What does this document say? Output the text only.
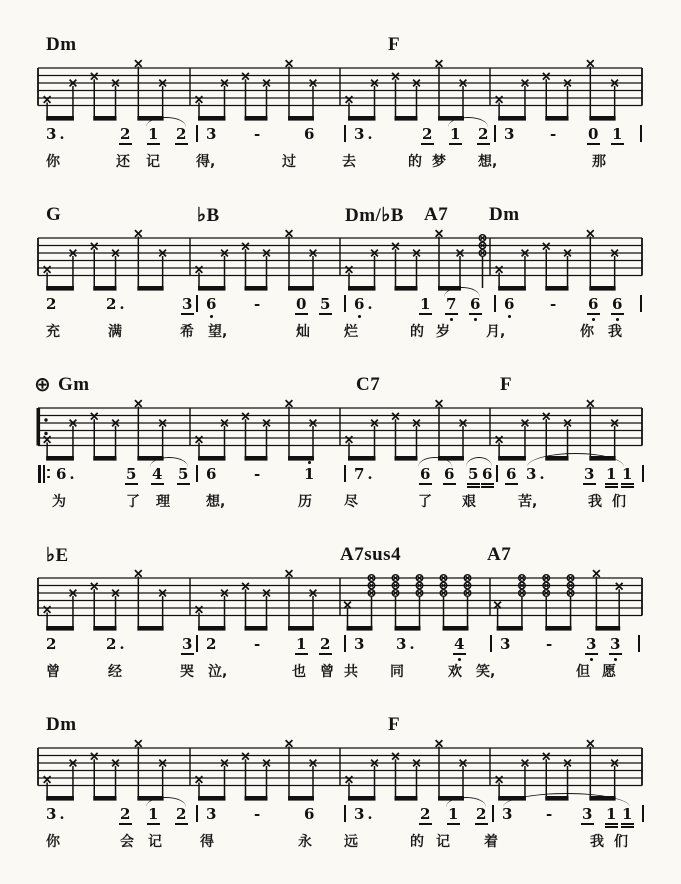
Dm	F
3.	2 1 2 3 -	6 3.	2 1 2 3 - 0 1
你	还 记	得,	过	去	的 梦 想,	那
G	♭B	Dm/♭B A7 Dm
2	2.	3 6 - 0 5 6.	1 7 6 6 - 6 6
充	满	希 望,	灿 烂	的 岁	月,	你 我
⊕ Gm	C7	F
6.	5 4 5 6 -	1 7.	6 6 5 6 6 3. 3 1 1
为	了 理	想,	历 尽	了 艰	苦,	我 们
♭E	A7sus4	A7
2	2.	3 2 - 1 2 3 3. 4 3 - 3 3
曾	经	哭 泣,	也 曾 共 同	欢 笑,	但 愿
Dm	F
3.	2 1 2 3 -	6 3.	2 1 2 3 - 3 1 1
你	会 记	得	永 远	的 记 着	我 们
